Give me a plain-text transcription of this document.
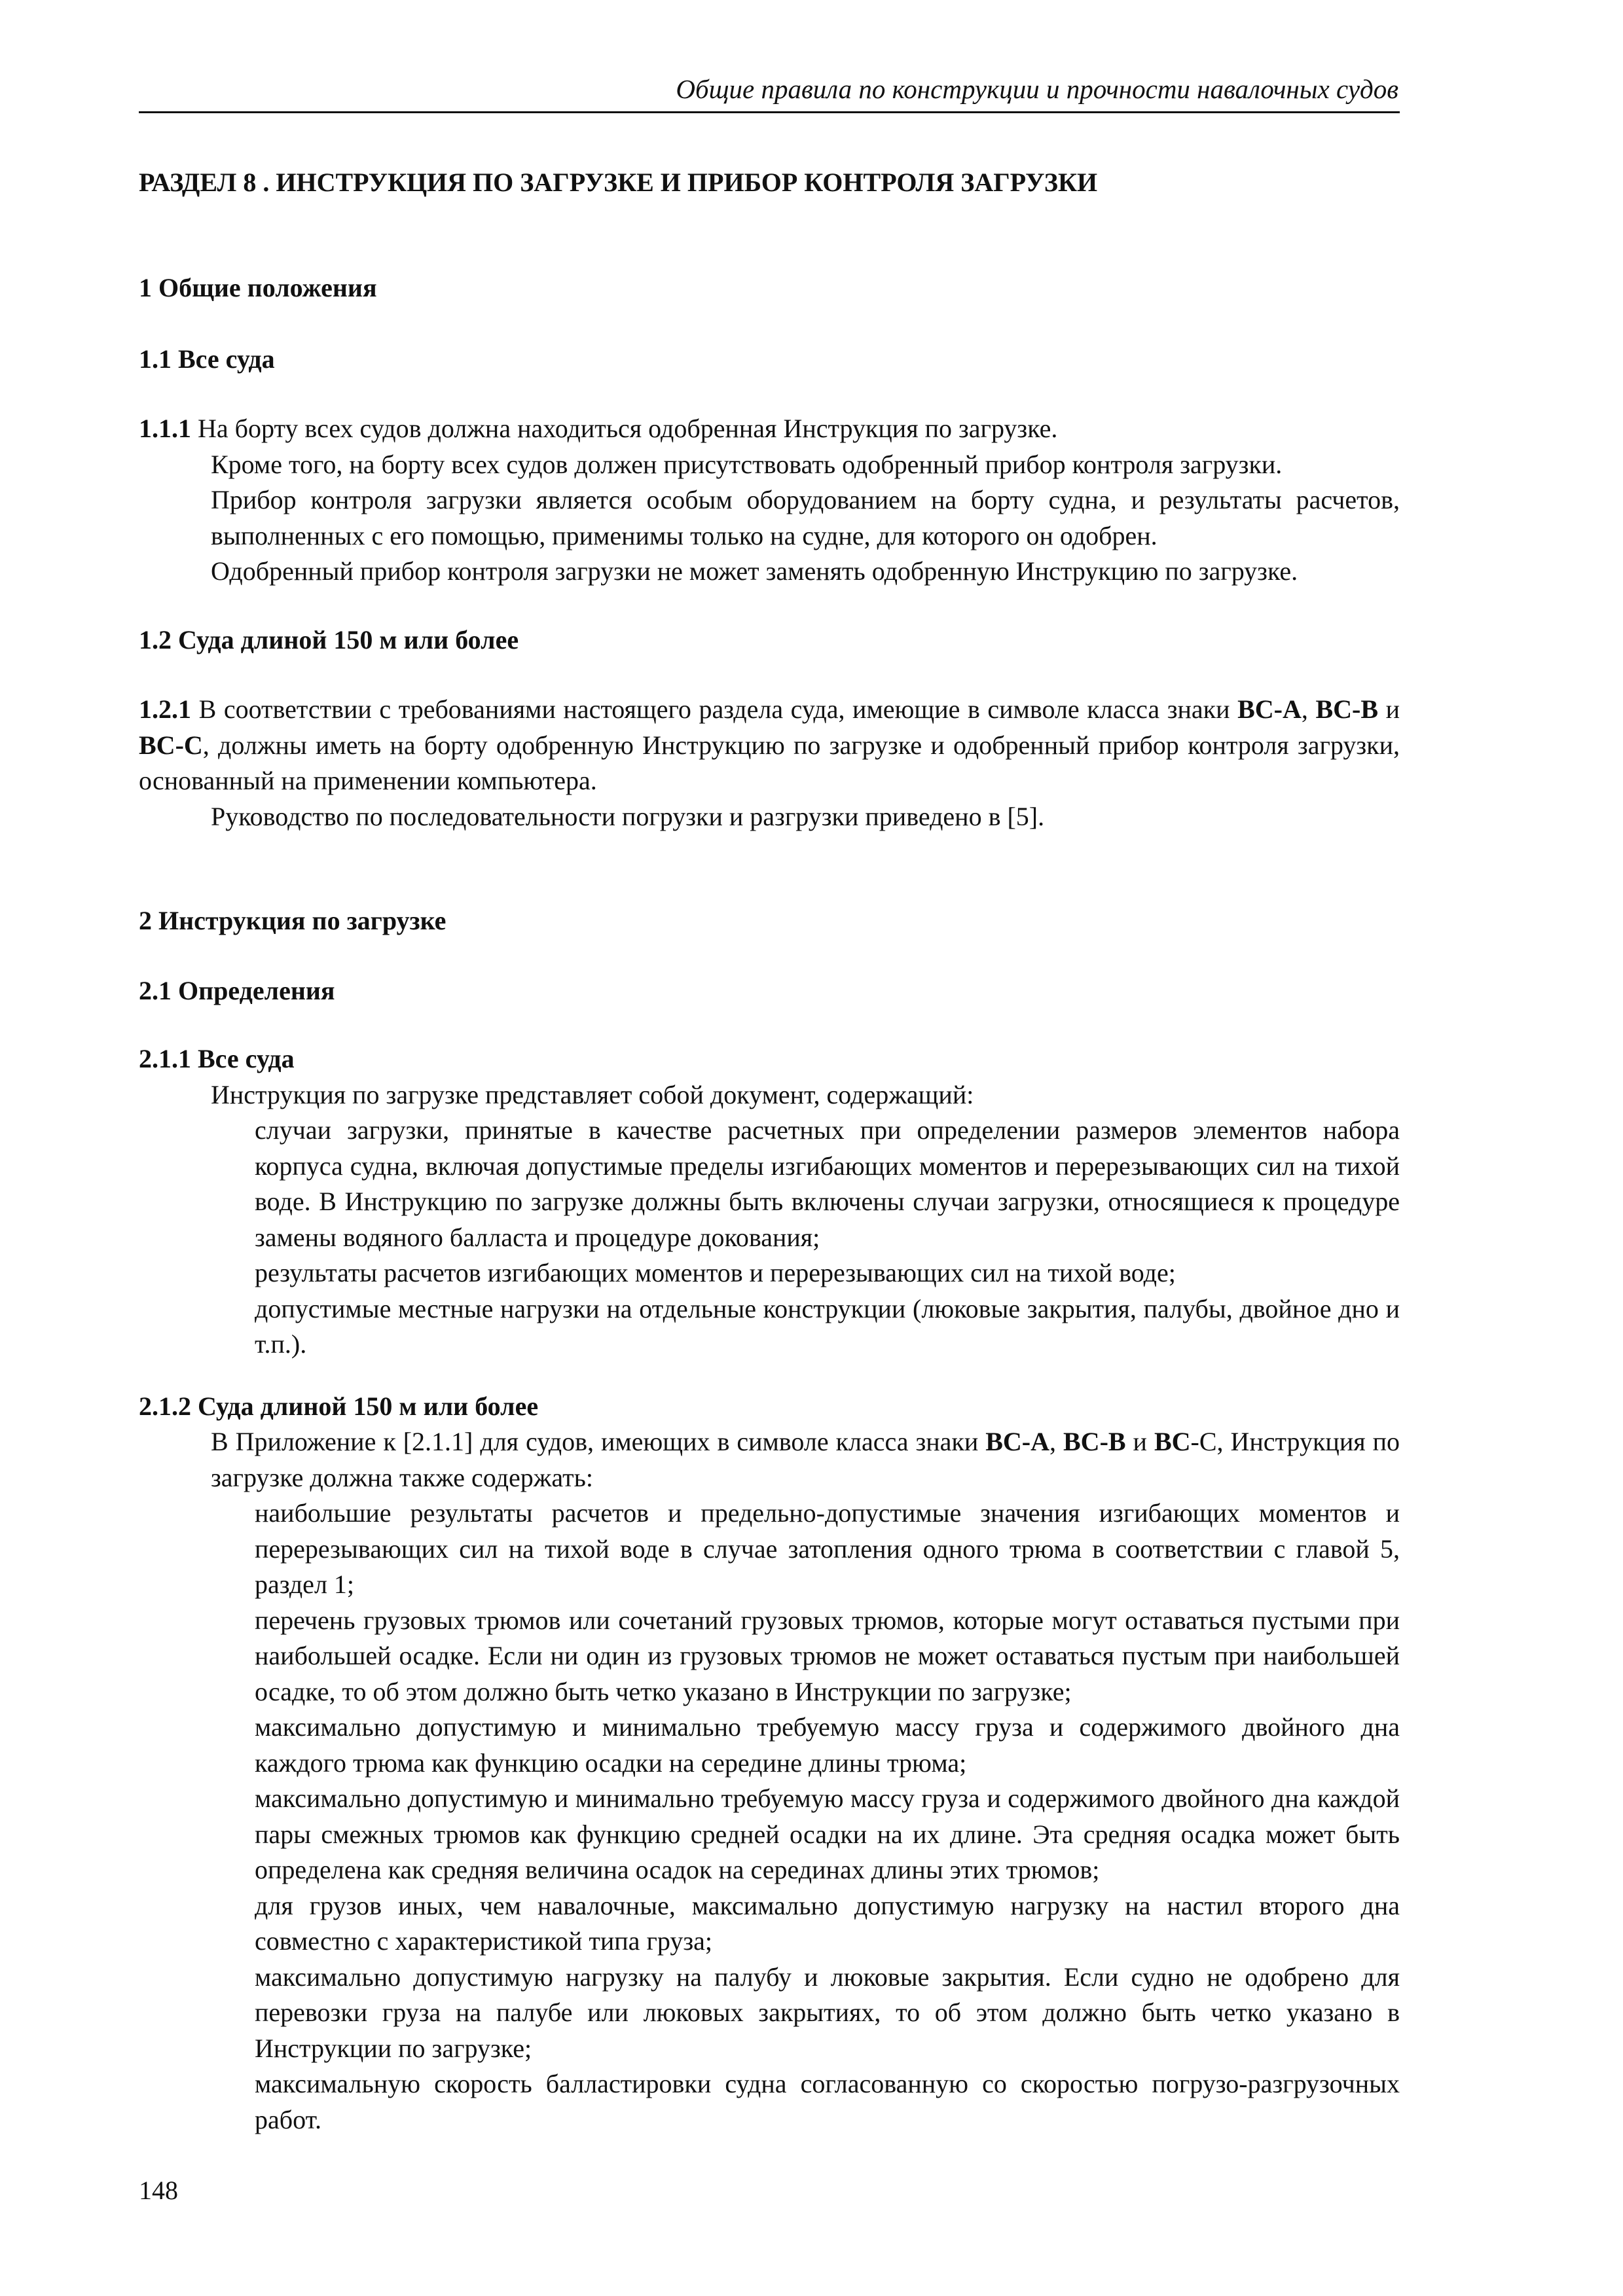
Общие правила по конструкции и прочности навалочных судов
РАЗДЕЛ 8 . ИНСТРУКЦИЯ ПО ЗАГРУЗКЕ И ПРИБОР КОНТРОЛЯ ЗАГРУЗКИ
1 Общие положения
1.1 Все суда
1.1.1 На борту всех судов должна находиться одобренная Инструкция по загрузке.
Кроме того, на борту всех судов должен присутствовать одобренный прибор контроля загрузки.
Прибор контроля загрузки является особым оборудованием на борту судна, и результаты расчетов, выполненных с его помощью, применимы только на судне, для которого он одобрен.
Одобренный прибор контроля загрузки не может заменять одобренную Инструкцию по загрузке.
1.2 Суда длиной 150 м или более
1.2.1 В соответствии с требованиями настоящего раздела суда, имеющие в символе класса знаки BC-A, BC-B и BC-C, должны иметь на борту одобренную Инструкцию по загрузке и одобренный прибор контроля загрузки, основанный на применении компьютера.
Руководство по последовательности погрузки и разгрузки приведено в [5].
2 Инструкция по загрузке
2.1 Определения
2.1.1 Все суда
Инструкция по загрузке представляет собой документ, содержащий:
случаи загрузки, принятые в качестве расчетных при определении размеров элементов набора корпуса судна, включая допустимые пределы изгибающих моментов и перерезывающих сил на тихой воде. В Инструкцию по загрузке должны быть включены случаи загрузки, относящиеся к процедуре замены водяного балласта и процедуре докования;
результаты расчетов изгибающих моментов и перерезывающих сил на тихой воде;
допустимые местные нагрузки на отдельные конструкции (люковые закрытия, палубы, двойное дно и т.п.).
2.1.2 Суда длиной 150 м или более
В Приложение к [2.1.1] для судов, имеющих в символе класса знаки BC-A, BC-B и BC-C, Инструкция по загрузке должна также содержать:
наибольшие результаты расчетов и предельно-допустимые значения изгибающих моментов и перерезывающих сил на тихой воде в случае затопления одного трюма в соответствии с главой 5, раздел 1;
перечень грузовых трюмов или сочетаний грузовых трюмов, которые могут оставаться пустыми при наибольшей осадке. Если ни один из грузовых трюмов не может оставаться пустым при наибольшей осадке, то об этом должно быть четко указано в Инструкции по загрузке;
максимально допустимую и минимально требуемую массу груза и содержимого двойного дна каждого трюма как функцию осадки на середине длины трюма;
максимально допустимую и минимально требуемую массу груза и содержимого двойного дна каждой пары смежных трюмов как функцию средней осадки на их длине. Эта средняя осадка может быть определена как средняя величина осадок на серединах длины этих трюмов;
для грузов иных, чем навалочные, максимально допустимую нагрузку на настил второго дна совместно с характеристикой типа груза;
максимально допустимую нагрузку на палубу и люковые закрытия. Если судно не одобрено для перевозки груза на палубе или люковых закрытиях, то об этом должно быть четко указано в Инструкции по загрузке;
максимальную скорость балластировки судна согласованную со скоростью погрузо-разгрузочных работ.
148
